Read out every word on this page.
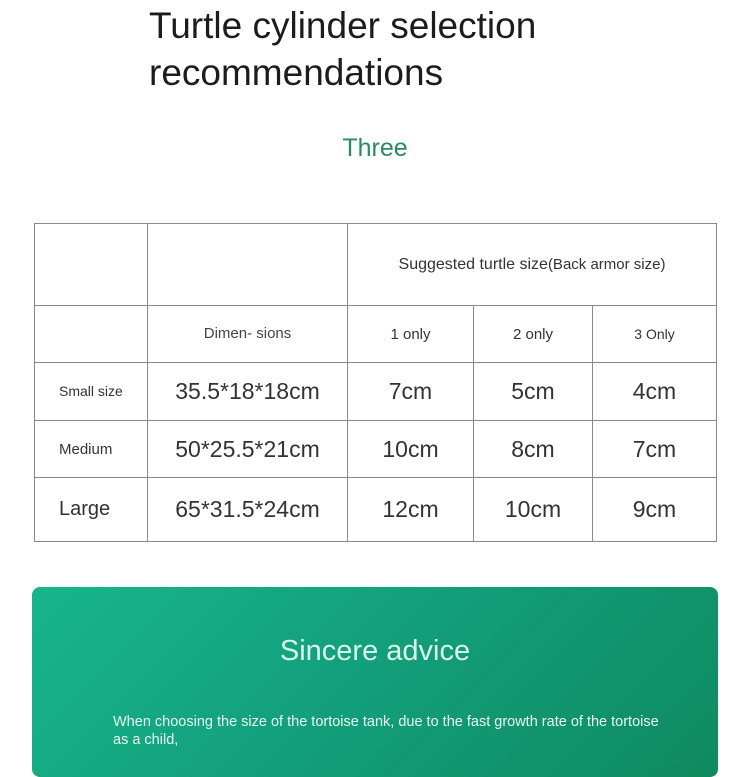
Turtle cylinder selection recommendations
Three
		Suggested turtle size(Back armor size)		
	Dimen- sions	1 only	2 only	3 Only
Small size	35.5*18*18cm	7cm	5cm	4cm
Medium	50*25.5*21cm	10cm	8cm	7cm
Large	65*31.5*24cm	12cm	10cm	9cm
Sincere advice
When choosing the size of the tortoise tank, due to the fast growth rate of the tortoise as a child,
